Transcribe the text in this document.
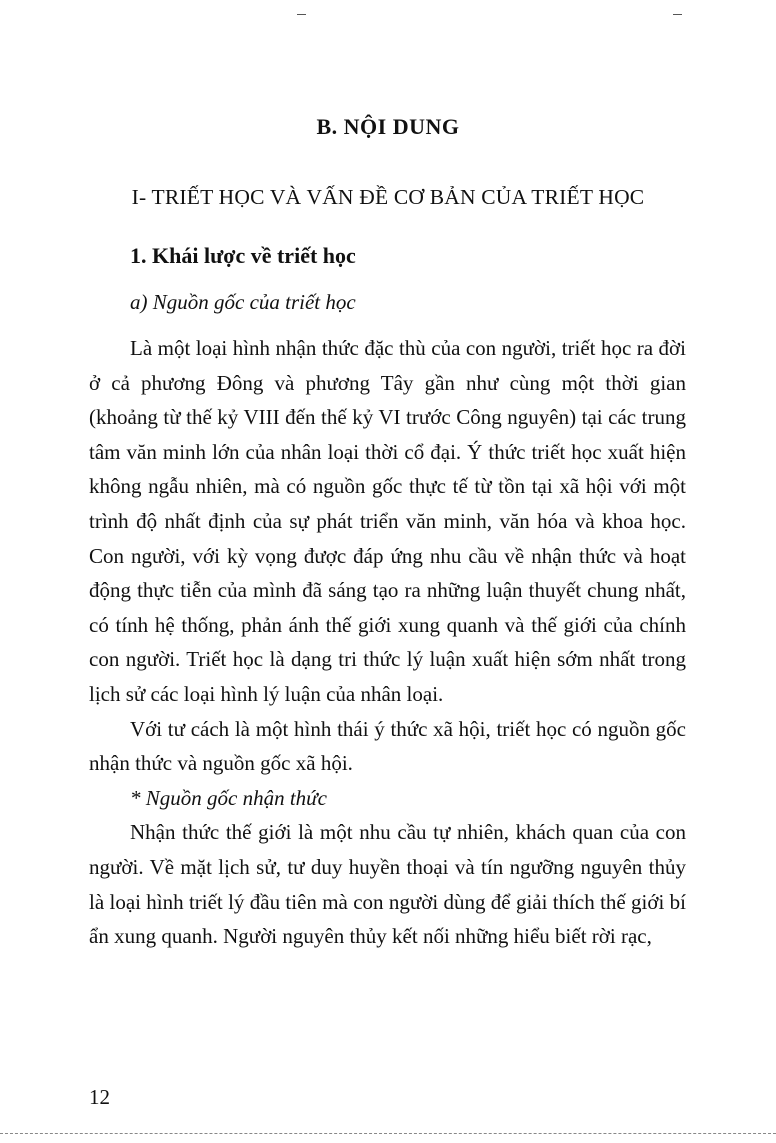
B. NỘI DUNG
I- TRIẾT HỌC VÀ VẤN ĐỀ CƠ BẢN CỦA TRIẾT HỌC
1. Khái lược về triết học
a) Nguồn gốc của triết học

Là một loại hình nhận thức đặc thù của con người, triết học ra đời ở cả phương Đông và phương Tây gần như cùng một thời gian (khoảng từ thế kỷ VIII đến thế kỷ VI trước Công nguyên) tại các trung tâm văn minh lớn của nhân loại thời cổ đại. Ý thức triết học xuất hiện không ngẫu nhiên, mà có nguồn gốc thực tế từ tồn tại xã hội với một trình độ nhất định của sự phát triển văn minh, văn hóa và khoa học. Con người, với kỳ vọng được đáp ứng nhu cầu về nhận thức và hoạt động thực tiễn của mình đã sáng tạo ra những luận thuyết chung nhất, có tính hệ thống, phản ánh thế giới xung quanh và thế giới của chính con người. Triết học là dạng tri thức lý luận xuất hiện sớm nhất trong lịch sử các loại hình lý luận của nhân loại.

Với tư cách là một hình thái ý thức xã hội, triết học có nguồn gốc nhận thức và nguồn gốc xã hội.

* Nguồn gốc nhận thức

Nhận thức thế giới là một nhu cầu tự nhiên, khách quan của con người. Về mặt lịch sử, tư duy huyền thoại và tín ngưỡng nguyên thủy là loại hình triết lý đầu tiên mà con người dùng để giải thích thế giới bí ẩn xung quanh. Người nguyên thủy kết nối những hiểu biết rời rạc,

12
